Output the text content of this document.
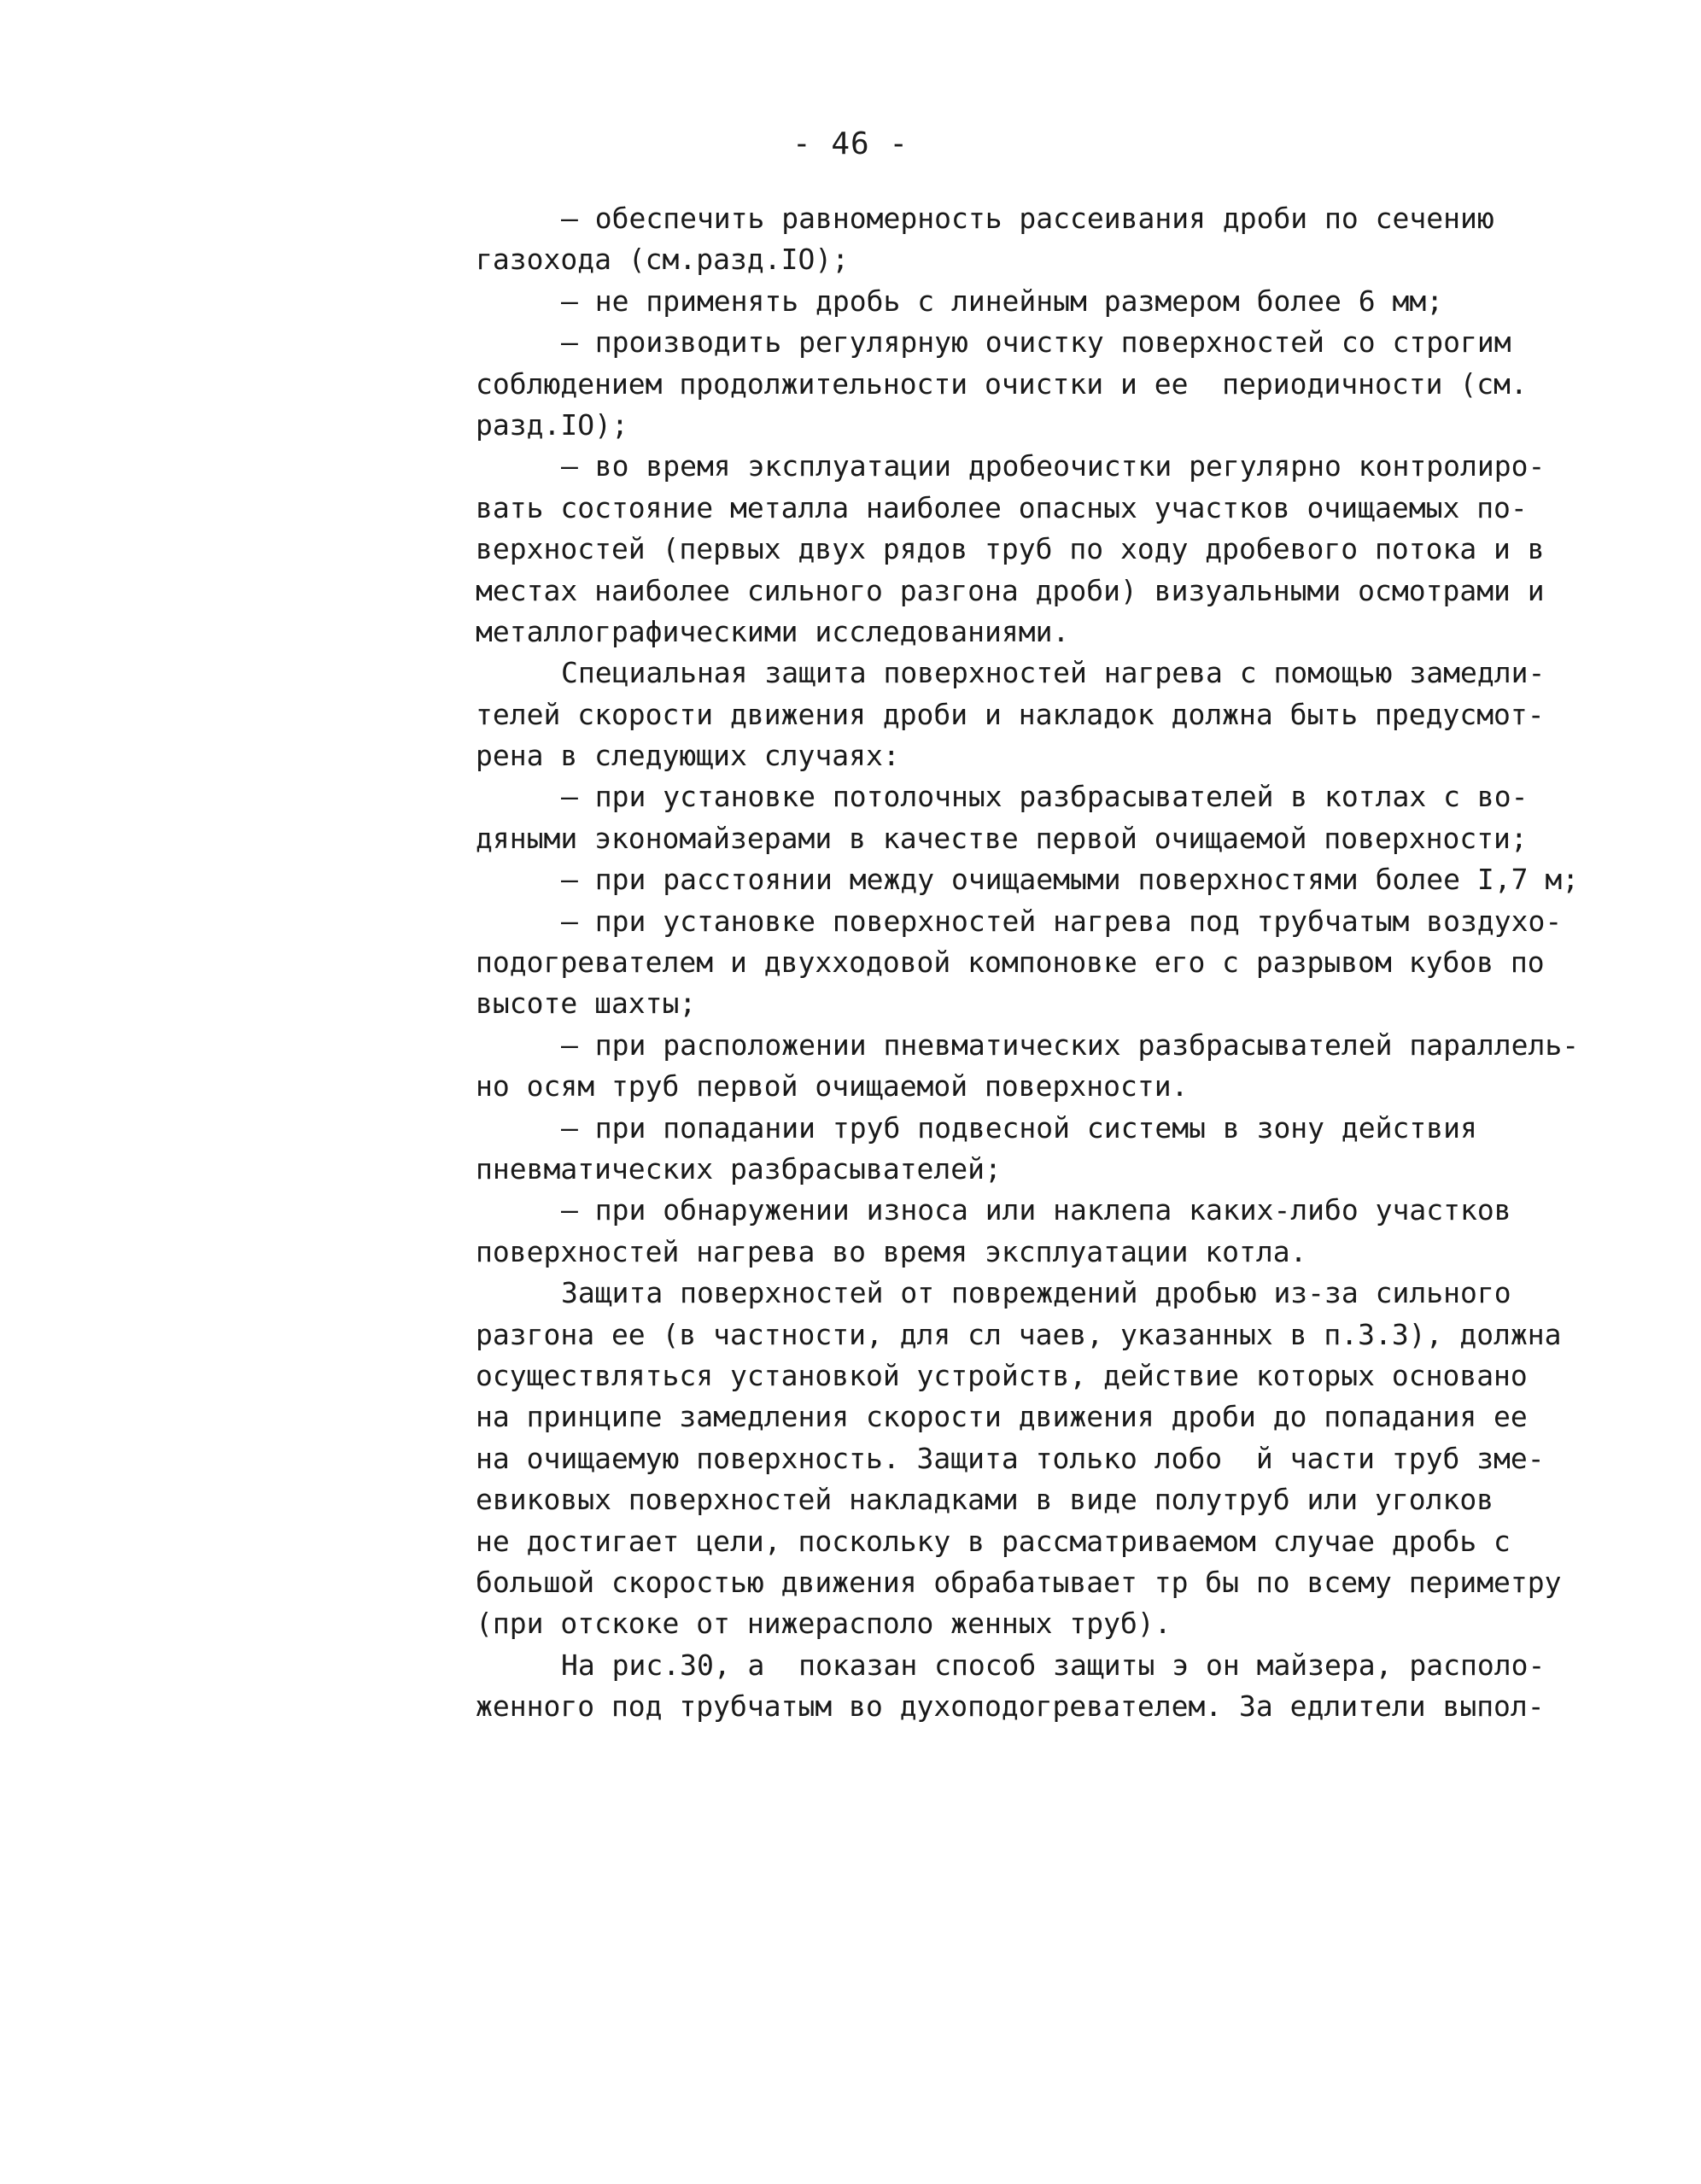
- 46 -
– обеспечить равномерность рассеивания дроби по сечению
газохода (см.разд.IO);
– не применять дробь с линейным размером более 6 мм;
– производить регулярную очистку поверхностей со строгим
соблюдением продолжительности очистки и ее  периодичности (см.
разд.IO);
– во время эксплуатации дробеочистки регулярно контролиро-
вать состояние металла наиболее опасных участков очищаемых по-
верхностей (первых двух рядов труб по ходу дробевого потока и в
местах наиболее сильного разгона дроби) визуальными осмотрами и
металлографическими исследованиями.
Специальная защита поверхностей нагрева с помощью замедли-
телей скорости движения дроби и накладок должна быть предусмот-
рена в следующих случаях:
– при установке потолочных разбрасывателей в котлах с во-
дяными экономайзерами в качестве первой очищаемой поверхности;
– при расстоянии между очищаемыми поверхностями более I,7 м;
– при установке поверхностей нагрева под трубчатым воздухо-
подогревателем и двухходовой компоновке его с разрывом кубов по
высоте шахты;
– при расположении пневматических разбрасывателей параллель-
но осям труб первой очищаемой поверхности.
– при попадании труб подвесной системы в зону действия
пневматических разбрасывателей;
– при обнаружении износа или наклепа каких-либо участков
поверхностей нагрева во время эксплуатации котла.
Защита поверхностей от повреждений дробью из-за сильного
разгона ее (в частности, для сл чаев, указанных в п.3.3), должна
осуществляться установкой устройств, действие которых основано
на принципе замедления скорости движения дроби до попадания ее
на очищаемую поверхность. Защита только лобо  й части труб зме-
евиковых поверхностей накладками в виде полутруб или уголков
не достигает цели, поскольку в рассматриваемом случае дробь с
большой скоростью движения обрабатывает тр бы по всему периметру
(при отскоке от нижерасполо женных труб).
На рис.30, а  показан способ защиты э он майзера, располо-
женного под трубчатым во духоподогревателем. За едлители выпол-
